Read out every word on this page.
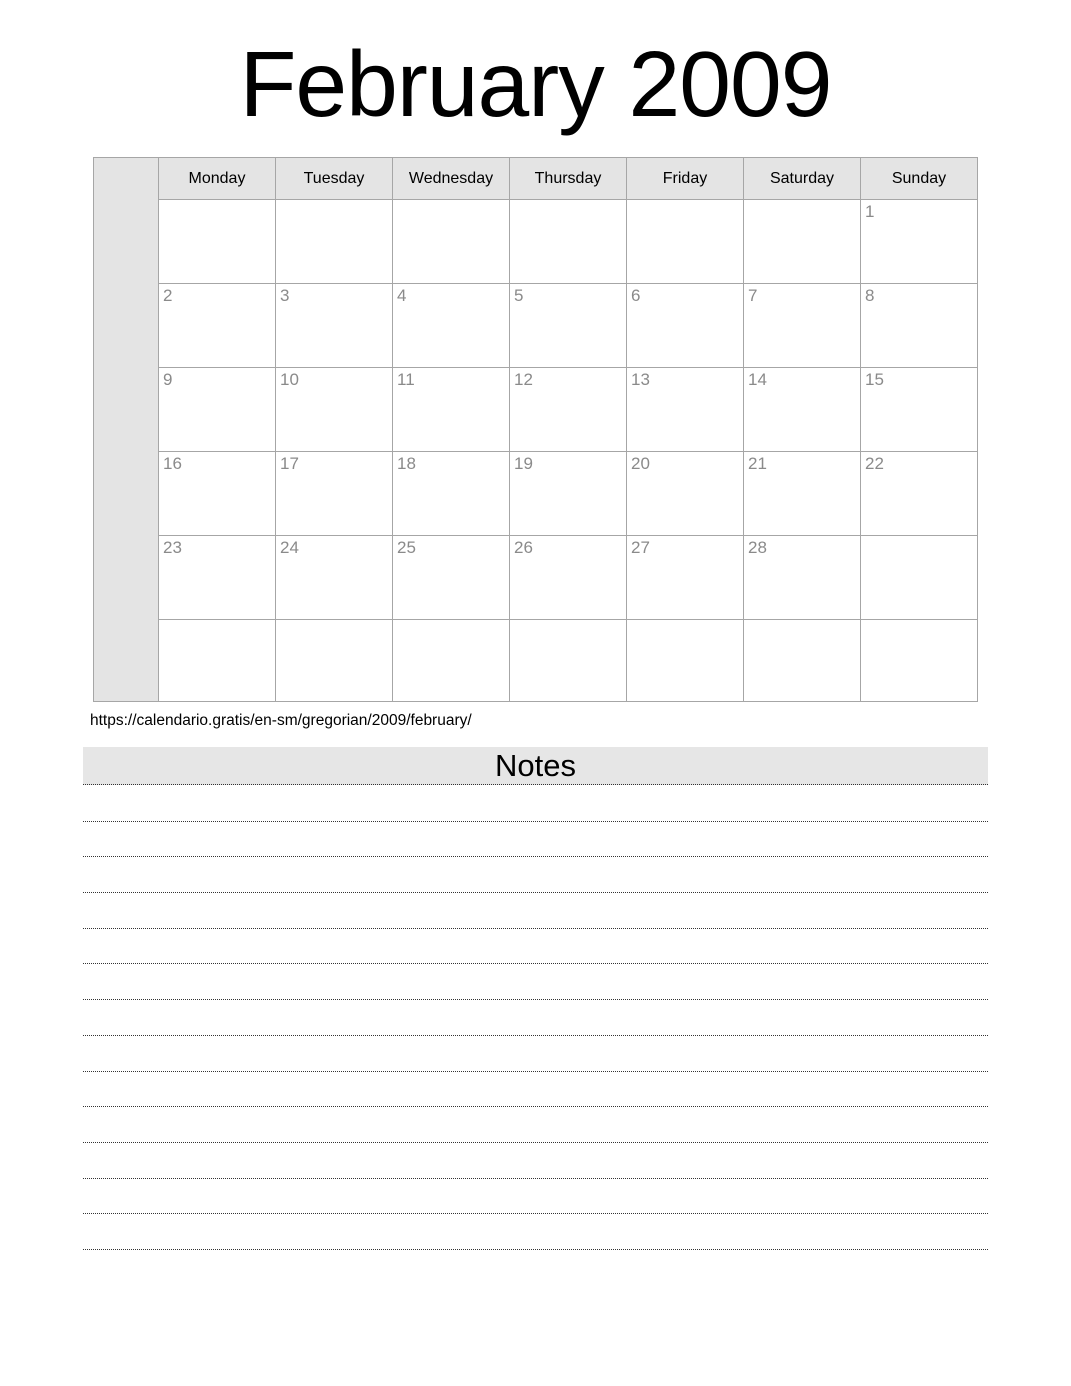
February 2009
	Monday	Tuesday	Wednesday	Thursday	Friday	Saturday	Sunday

							1

	2	3	4	5	6	7	8

	9	10	11	12	13	14	15

	16	17	18	19	20	21	22

	23	24	25	26	27	28	

https://calendario.gratis/en-sm/gregorian/2009/february/
Notes
